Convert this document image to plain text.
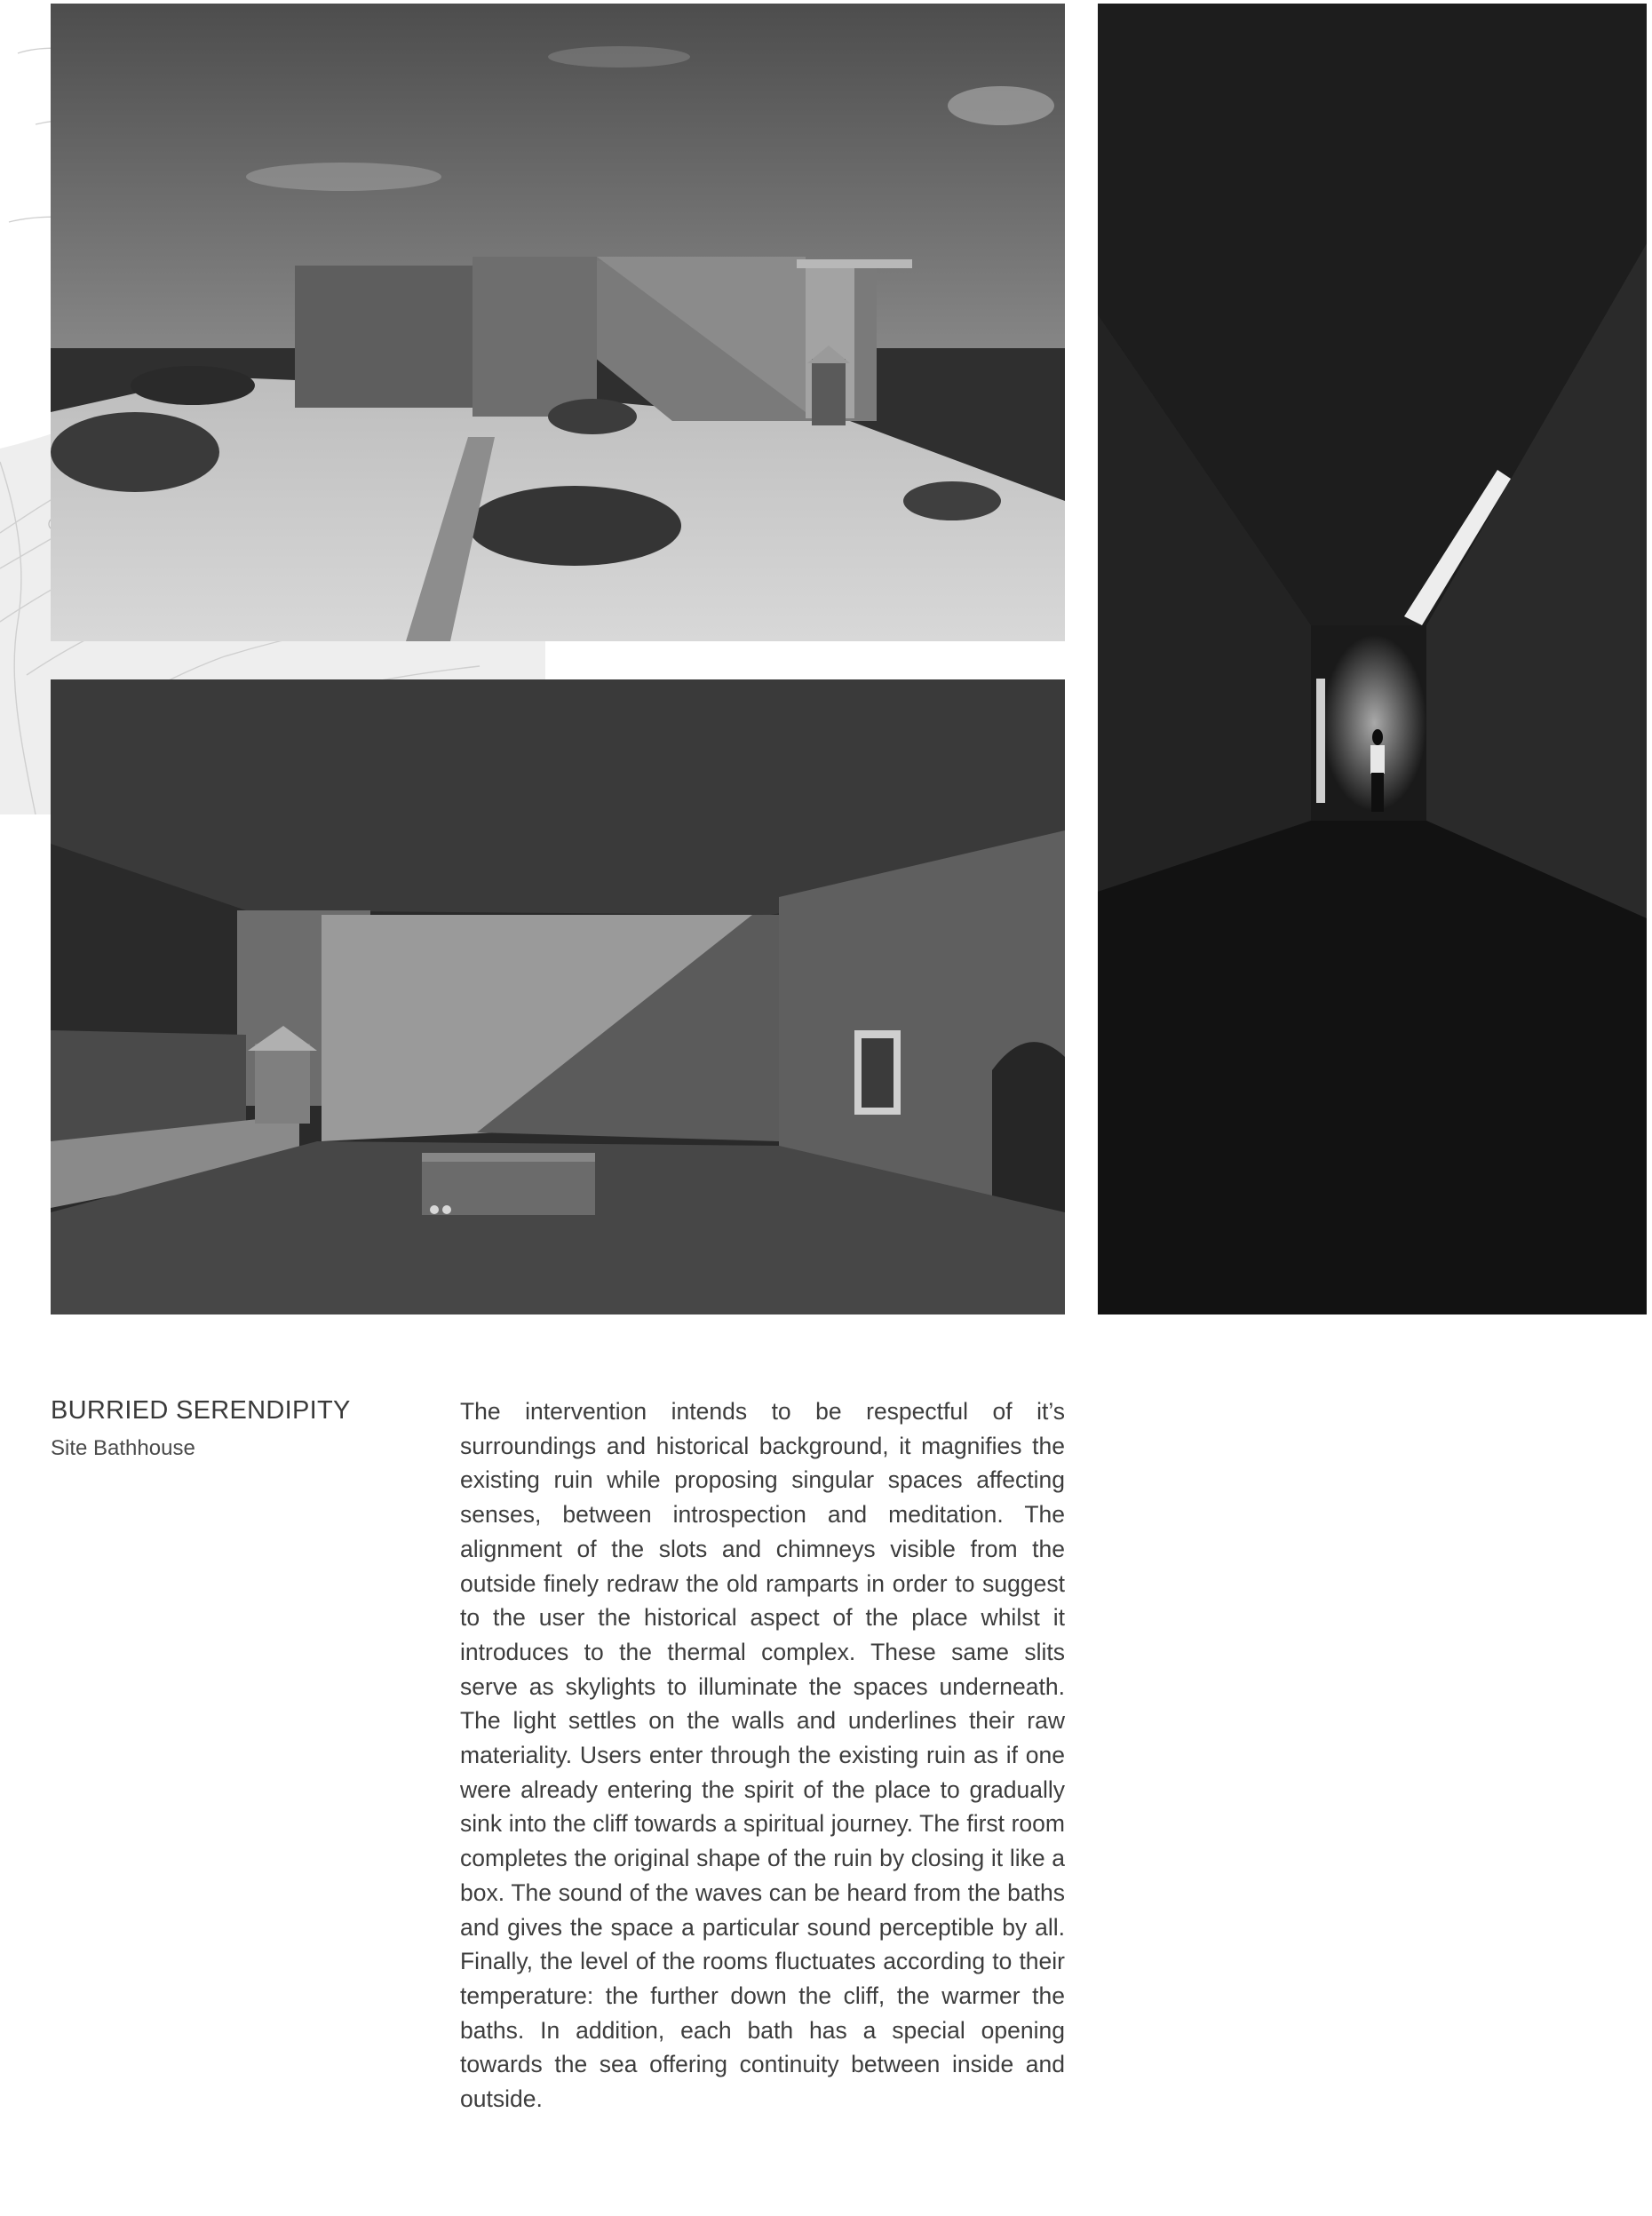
BURRIED SERENDIPITY

Site Bathhouse

The intervention intends to be respectful of it’s surroundings and historical background, it magnifies the existing ruin while proposing singular spaces affecting senses, between introspection and meditation. The alignment of the slots and chimneys visible from the outside finely redraw the old ramparts in order to suggest to the user the historical aspect of the place whilst it introduces to the thermal complex. These same slits serve as skylights to illuminate the spaces underneath. The light settles on the walls and underlines their raw materiality. Users enter through the existing ruin as if one were already entering the spirit of the place to gradually sink into the cliff towards a spiritual journey. The first room completes the original shape of the ruin by closing it like a box. The sound of the waves can be heard from the baths and gives the space a particular sound perceptible by all. Finally, the level of the rooms fluctuates according to their temperature: the further down the cliff, the warmer the baths. In addition, each bath has a special opening towards the sea offering continuity between inside and outside.
